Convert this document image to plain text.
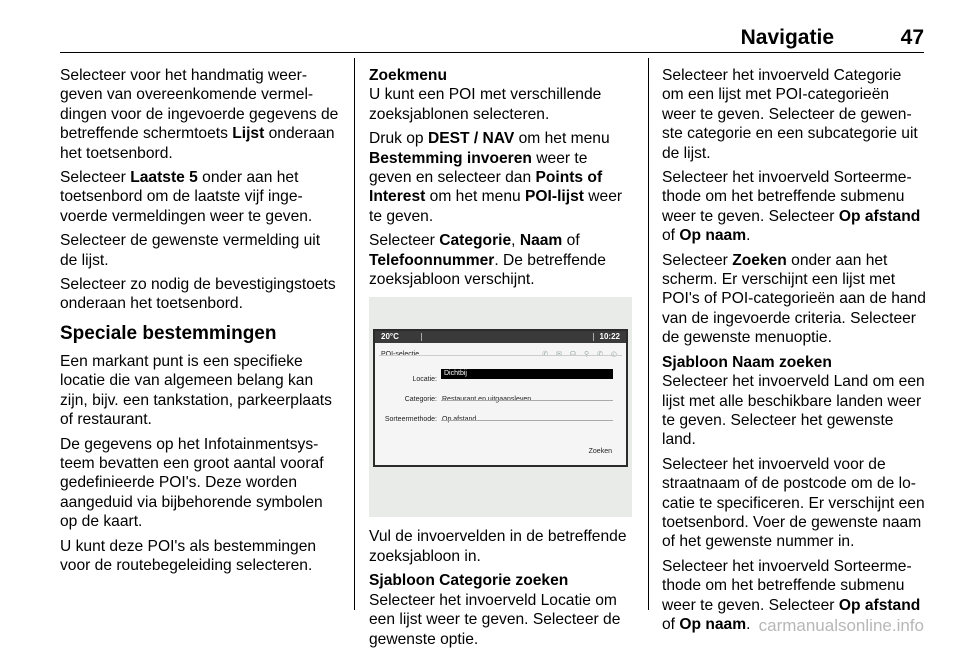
Navigatie	47

Selecteer voor het handmatig weergeven van overeenkomende vermeldingen voor de ingevoerde gegevens de betreffende schermtoets Lijst onderaan het toetsenbord.

Selecteer Laatste 5 onder aan het toetsenbord om de laatste vijf ingevoerde vermeldingen weer te geven.

Selecteer de gewenste vermelding uit de lijst.

Selecteer zo nodig de bevestigingstoets onderaan het toetsenbord.

Speciale bestemmingen

Een markant punt is een specifieke locatie die van algemeen belang kan zijn, bijv. een tankstation, parkeerplaats of restaurant.

De gegevens op het Infotainmentsysteem bevatten een groot aantal vooraf gedefinieerde POI's. Deze worden aangeduid via bijbehorende symbolen op de kaart.

U kunt deze POI's als bestemmingen voor de routebegeleiding selecteren.

Zoekmenu

U kunt een POI met verschillende zoeksjablonen selecteren.

Druk op DEST / NAV om het menu Bestemming invoeren weer te geven en selecteer dan Points of Interest om het menu POI-lijst weer te geven.

Selecteer Categorie, Naam of Telefoonnummer. De betreffende zoeksjabloon verschijnt.

20°C	10:22
POI-selectie	✆ ✉ ☊ ⚲ ✆ ◴
Locatie:
Dichtbij
Categorie: Restaurant en uitgaansleven
Sorteermethode: Op afstand
Zoeken

Vul de invoervelden in de betreffende zoeksjabloon in.

Sjabloon Categorie zoeken

Selecteer het invoerveld Locatie om een lijst weer te geven. Selecteer de gewenste optie.

Selecteer het invoerveld Categorie om een lijst met POI-categorieën weer te geven. Selecteer de gewenste categorie en een subcategorie uit de lijst.

Selecteer het invoerveld Sorteermethode om het betreffende submenu weer te geven. Selecteer Op afstand of Op naam.

Selecteer Zoeken onder aan het scherm. Er verschijnt een lijst met POI's of POI-categorieën aan de hand van de ingevoerde criteria. Selecteer de gewenste menuoptie.

Sjabloon Naam zoeken

Selecteer het invoerveld Land om een lijst met alle beschikbare landen weer te geven. Selecteer het gewenste land.

Selecteer het invoerveld voor de straatnaam of de postcode om de locatie te specificeren. Er verschijnt een toetsenbord. Voer de gewenste naam of het gewenste nummer in.

Selecteer het invoerveld Sorteermethode om het betreffende submenu weer te geven. Selecteer Op afstand of Op naam. carmanualsonline.info
